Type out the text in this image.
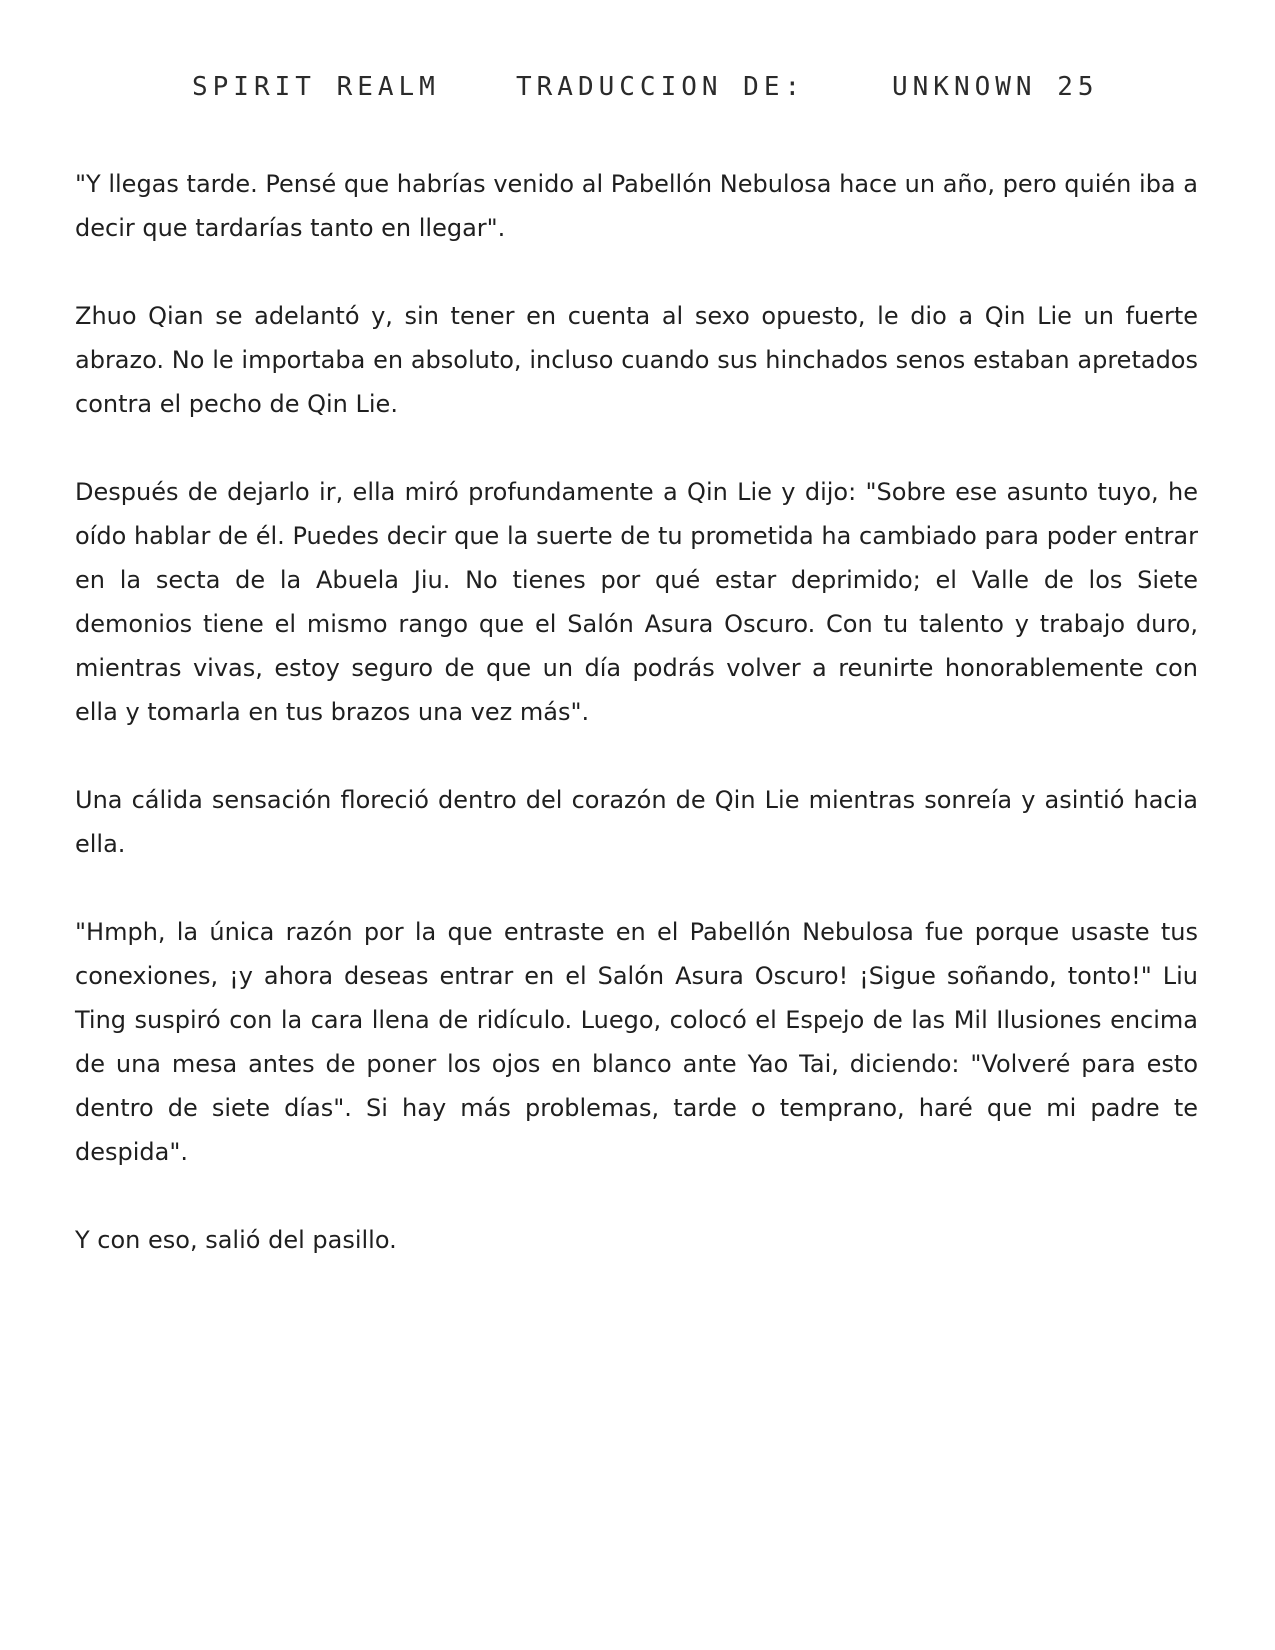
SPIRIT REALM	TRADUCCION DE:	UNKNOWN 25

"Y llegas tarde. Pensé que habrías venido al Pabellón Nebulosa hace un año, pero quién iba a decir que tardarías tanto en llegar".

Zhuo Qian se adelantó y, sin tener en cuenta al sexo opuesto, le dio a Qin Lie un fuerte abrazo. No le importaba en absoluto, incluso cuando sus hinchados senos estaban apretados contra el pecho de Qin Lie.

Después de dejarlo ir, ella miró profundamente a Qin Lie y dijo: "Sobre ese asunto tuyo, he oído hablar de él. Puedes decir que la suerte de tu prometida ha cambiado para poder entrar en la secta de la Abuela Jiu. No tienes por qué estar deprimido; el Valle de los Siete demonios tiene el mismo rango que el Salón Asura Oscuro. Con tu talento y trabajo duro, mientras vivas, estoy seguro de que un día podrás volver a reunirte honorablemente con ella y tomarla en tus brazos una vez más".

Una cálida sensación floreció dentro del corazón de Qin Lie mientras sonreía y asintió hacia ella.

"Hmph, la única razón por la que entraste en el Pabellón Nebulosa fue porque usaste tus conexiones, ¡y ahora deseas entrar en el Salón Asura Oscuro! ¡Sigue soñando, tonto!" Liu Ting suspiró con la cara llena de ridículo. Luego, colocó el Espejo de las Mil Ilusiones encima de una mesa antes de poner los ojos en blanco ante Yao Tai, diciendo: "Volveré para esto dentro de siete días". Si hay más problemas, tarde o temprano, haré que mi padre te despida".

Y con eso, salió del pasillo.
